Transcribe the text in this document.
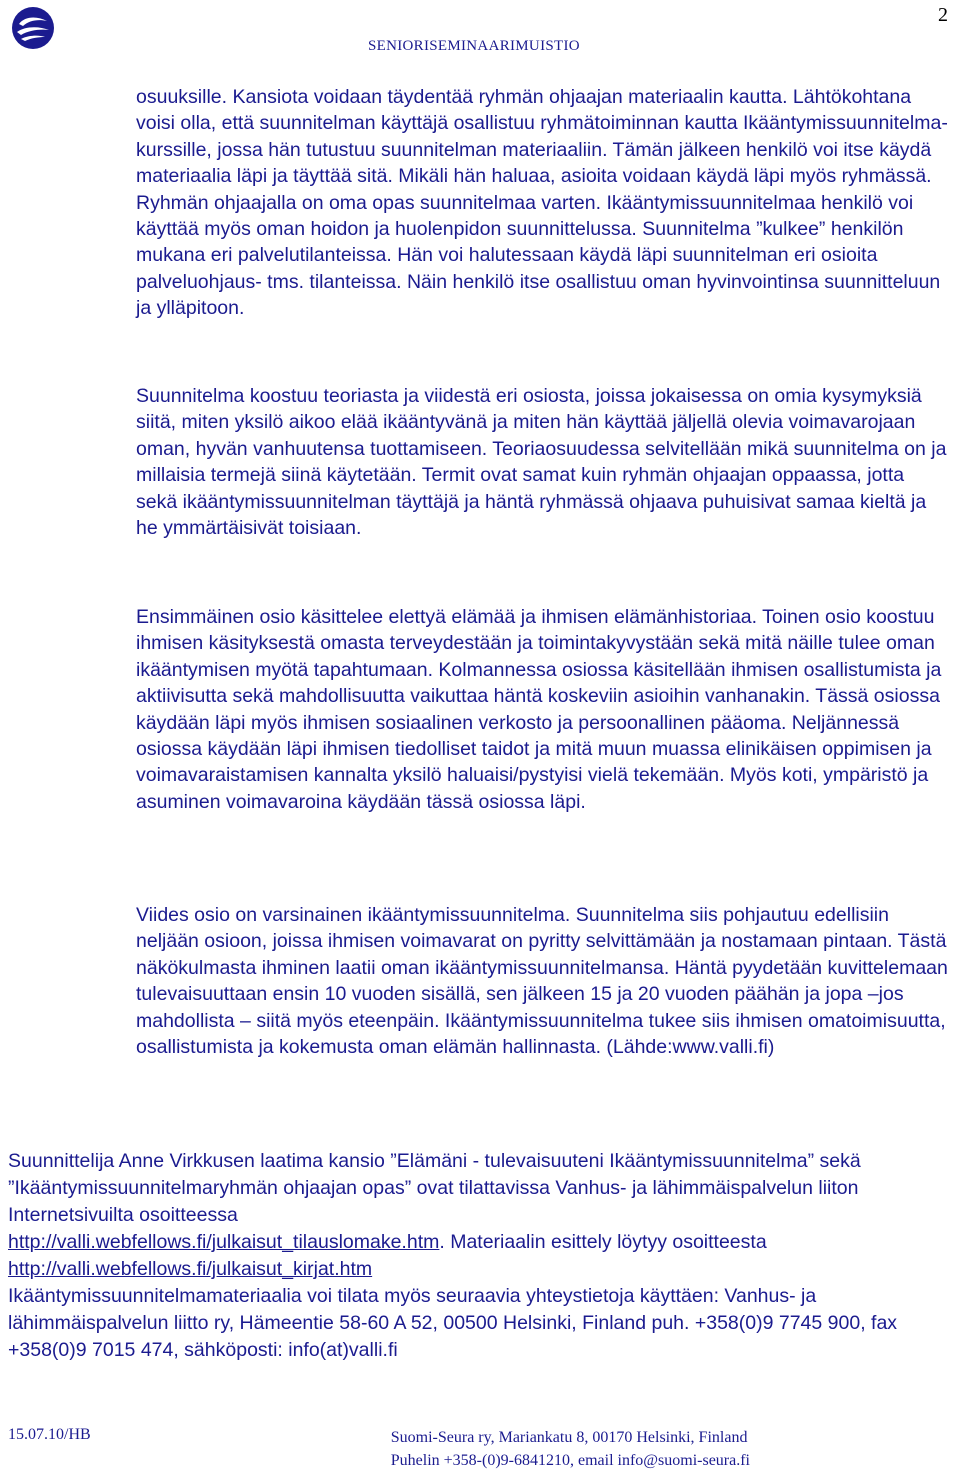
SENIORISEMINAARIMUISTIO
2

osuuksille. Kansiota voidaan täydentää ryhmän ohjaajan materiaalin kautta. Lähtökohtana voisi olla, että suunnitelman käyttäjä osallistuu ryhmätoiminnan kautta Ikääntymissuunnitelma-kurssille, jossa hän tutustuu suunnitelman materiaaliin. Tämän jälkeen henkilö voi itse käydä materiaalia läpi ja täyttää sitä. Mikäli hän haluaa, asioita voidaan käydä läpi myös ryhmässä. Ryhmän ohjaajalla on oma opas suunnitelmaa varten. Ikääntymissuunnitelmaa henkilö voi käyttää myös oman hoidon ja huolenpidon suunnittelussa. Suunnitelma ”kulkee” henkilön mukana eri palvelutilanteissa. Hän voi halutessaan käydä läpi suunnitelman eri osioita palveluohjaus- tms. tilanteissa. Näin henkilö itse osallistuu oman hyvinvointinsa suunnitteluun ja ylläpitoon.

Suunnitelma koostuu teoriasta ja viidestä eri osiosta, joissa jokaisessa on omia kysymyksiä siitä, miten yksilö aikoo elää ikääntyvänä ja miten hän käyttää jäljellä olevia voimavarojaan oman, hyvän vanhuutensa tuottamiseen. Teoriaosuudessa selvitellään mikä suunnitelma on ja millaisia termejä siinä käytetään. Termit ovat samat kuin ryhmän ohjaajan oppaassa, jotta sekä ikääntymissuunnitelman täyttäjä ja häntä ryhmässä ohjaava puhuisivat samaa kieltä ja he ymmärtäisivät toisiaan.

Ensimmäinen osio käsittelee elettyä elämää ja ihmisen elämänhistoriaa. Toinen osio koostuu ihmisen käsityksestä omasta terveydestään ja toimintakyvystään sekä mitä näille tulee oman ikääntymisen myötä tapahtumaan. Kolmannessa osiossa käsitellään ihmisen osallistumista ja aktiivisutta sekä mahdollisuutta vaikuttaa häntä koskeviin asioihin vanhanakin. Tässä osiossa käydään läpi myös ihmisen sosiaalinen verkosto ja persoonallinen pääoma. Neljännessä osiossa käydään läpi ihmisen tiedolliset taidot ja mitä muun muassa elinikäisen oppimisen ja voimavaraistamisen kannalta yksilö haluaisi/pystyisi vielä tekemään. Myös koti, ympäristö ja asuminen voimavaroina käydään tässä osiossa läpi.

Viides osio on varsinainen ikääntymissuunnitelma. Suunnitelma siis pohjautuu edellisiin neljään osioon, joissa ihmisen voimavarat on pyritty selvittämään ja nostamaan pintaan. Tästä näkökulmasta ihminen laatii oman ikääntymissuunnitelmansa. Häntä pyydetään kuvittelemaan tulevaisuuttaan ensin 10 vuoden sisällä, sen jälkeen 15 ja 20 vuoden päähän ja jopa –jos mahdollista – siitä myös eteenpäin. Ikääntymissuunnitelma tukee siis ihmisen omatoimisuutta, osallistumista ja kokemusta oman elämän hallinnasta. (Lähde:www.valli.fi)

Suunnittelija Anne Virkkusen laatima kansio ”Elämäni - tulevaisuuteni Ikääntymissuunnitelma” sekä ”Ikääntymissuunnitelmaryhmän ohjaajan opas” ovat tilattavissa Vanhus- ja lähimmäispalvelun liiton Internetsivuilta osoitteessa
http://valli.webfellows.fi/julkaisut_tilauslomake.htm. Materiaalin esittely löytyy osoitteesta
http://valli.webfellows.fi/julkaisut_kirjat.htm
Ikääntymissuunnitelmamateriaalia voi tilata myös seuraavia yhteystietoja käyttäen: Vanhus- ja lähimmäispalvelun liitto ry, Hämeentie 58-60 A 52, 00500 Helsinki, Finland puh. +358(0)9 7745 900, fax +358(0)9 7015 474, sähköposti: info(at)valli.fi

15.07.10/HB	Suomi-Seura ry, Mariankatu 8, 00170 Helsinki, Finland
Puhelin +358-(0)9-6841210, email info@suomi-seura.fi
